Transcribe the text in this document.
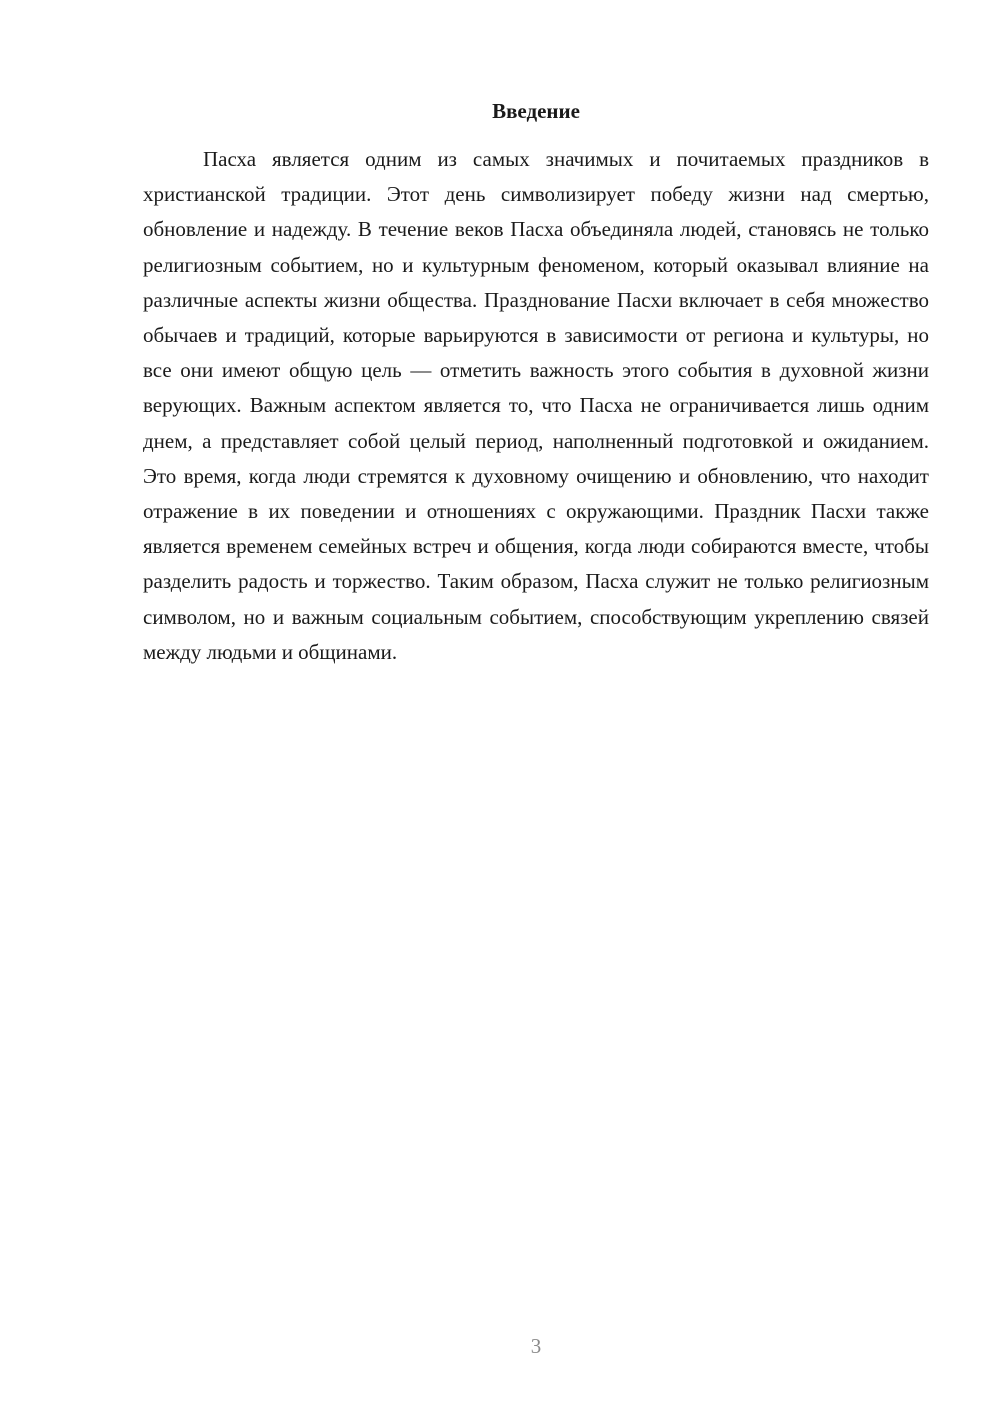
Введение

Пасха является одним из самых значимых и почитаемых праздников в христианской традиции. Этот день символизирует победу жизни над смертью, обновление и надежду. В течение веков Пасха объединяла людей, становясь не только религиозным событием, но и культурным феноменом, который оказывал влияние на различные аспекты жизни общества. Празднование Пасхи включает в себя множество обычаев и традиций, которые варьируются в зависимости от региона и культуры, но все они имеют общую цель — отметить важность этого события в духовной жизни верующих. Важным аспектом является то, что Пасха не ограничивается лишь одним днем, а представляет собой целый период, наполненный подготовкой и ожиданием. Это время, когда люди стремятся к духовному очищению и обновлению, что находит отражение в их поведении и отношениях с окружающими. Праздник Пасхи также является временем семейных встреч и общения, когда люди собираются вместе, чтобы разделить радость и торжество. Таким образом, Пасха служит не только религиозным символом, но и важным социальным событием, способствующим укреплению связей между людьми и общинами.

3
